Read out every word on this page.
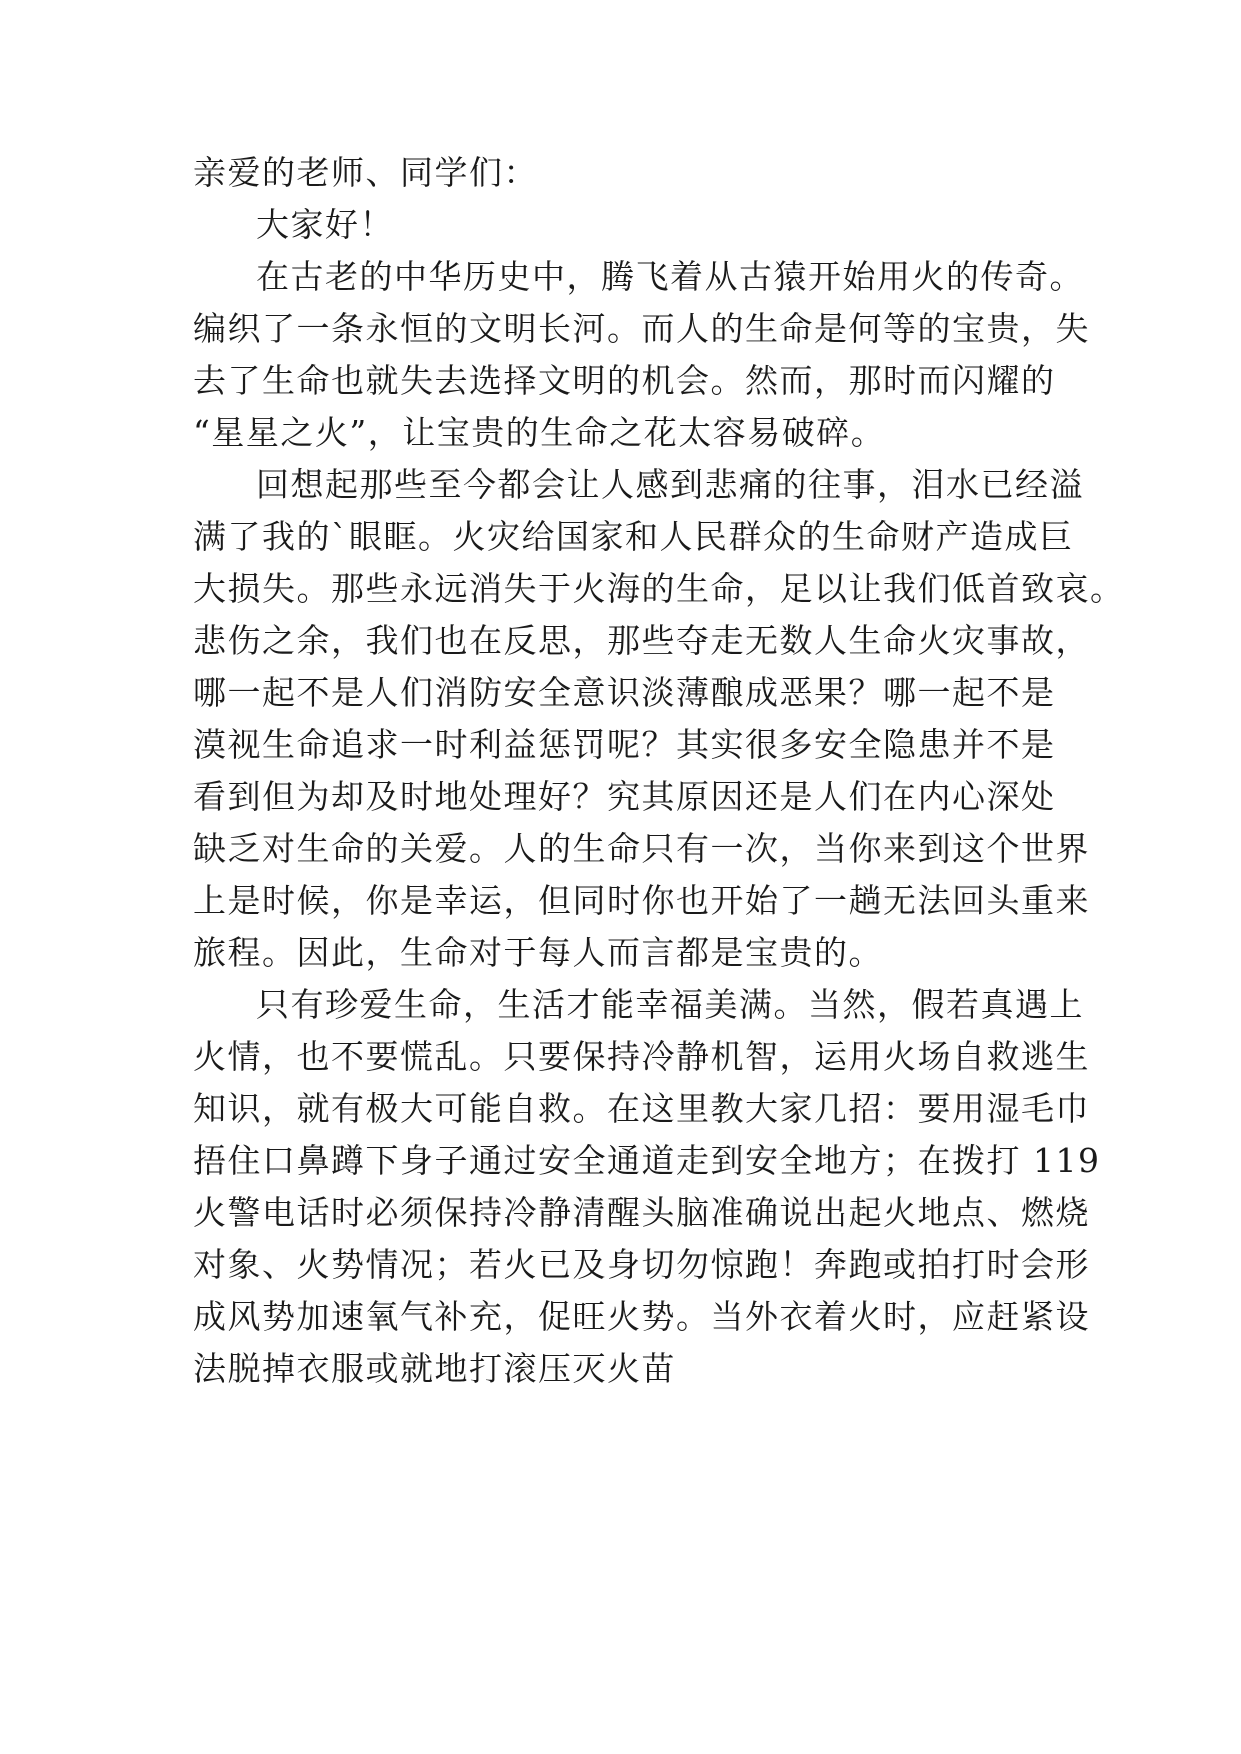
亲爱的老师、同学们：
大家好！
在古老的中华历史中，腾飞着从古猿开始用火的传奇。
编织了一条永恒的文明长河。而人的生命是何等的宝贵，失
去了生命也就失去选择文明的机会。然而，那时而闪耀的
“星星之火”，让宝贵的生命之花太容易破碎。
回想起那些至今都会让人感到悲痛的往事，泪水已经溢
满了我的`眼眶。火灾给国家和人民群众的生命财产造成巨
大损失。那些永远消失于火海的生命，足以让我们低首致哀。
悲伤之余，我们也在反思，那些夺走无数人生命火灾事故，
哪一起不是人们消防安全意识淡薄酿成恶果？哪一起不是
漠视生命追求一时利益惩罚呢？其实很多安全隐患并不是
看到但为却及时地处理好？究其原因还是人们在内心深处
缺乏对生命的关爱。人的生命只有一次，当你来到这个世界
上是时候，你是幸运，但同时你也开始了一趟无法回头重来
旅程。因此，生命对于每人而言都是宝贵的。
只有珍爱生命，生活才能幸福美满。当然，假若真遇上
火情，也不要慌乱。只要保持冷静机智，运用火场自救逃生
知识，就有极大可能自救。在这里教大家几招：要用湿毛巾
捂住口鼻蹲下身子通过安全通道走到安全地方；在拨打 119
火警电话时必须保持冷静清醒头脑准确说出起火地点、燃烧
对象、火势情况；若火已及身切勿惊跑！奔跑或拍打时会形
成风势加速氧气补充，促旺火势。当外衣着火时，应赶紧设
法脱掉衣服或就地打滚压灭火苗
